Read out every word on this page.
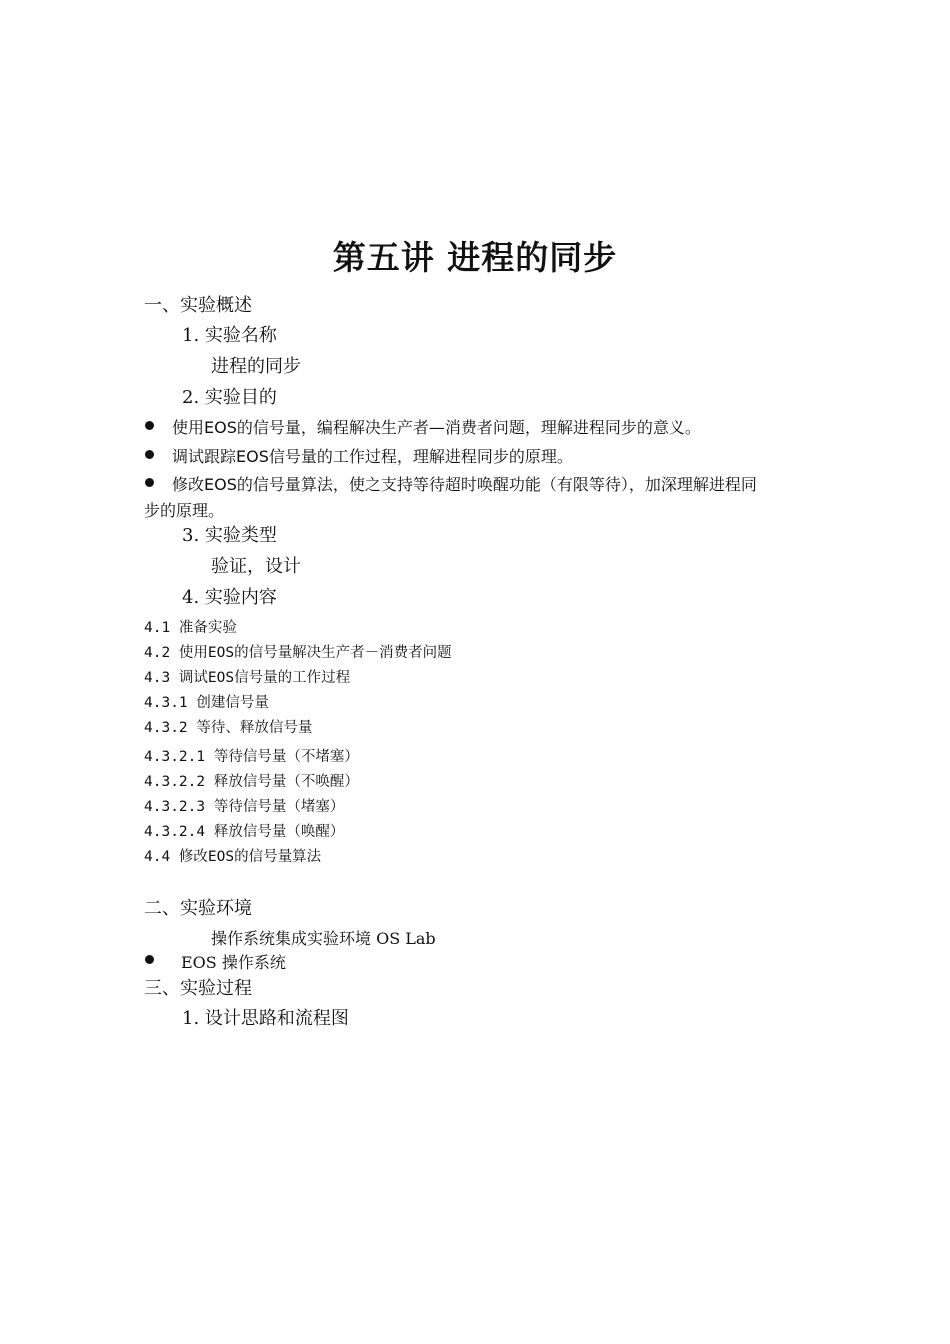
第五讲 进程的同步
一、实验概述
1. 实验名称
进程的同步
2. 实验目的
使用EOS的信号量，编程解决生产者—消费者问题，理解进程同步的意义。
调试跟踪EOS信号量的工作过程，理解进程同步的原理。
修改EOS的信号量算法，使之支持等待超时唤醒功能（有限等待），加深理解进程同
步的原理。
3. 实验类型
验证，设计
4. 实验内容
4.1 准备实验
4.2 使用EOS的信号量解决生产者－消费者问题
4.3 调试EOS信号量的工作过程
4.3.1 创建信号量
4.3.2 等待、释放信号量
4.3.2.1 等待信号量（不堵塞）
4.3.2.2 释放信号量（不唤醒）
4.3.2.3 等待信号量（堵塞）
4.3.2.4 释放信号量（唤醒）
4.4 修改EOS的信号量算法
二、实验环境
操作系统集成实验环境 OS Lab
EOS 操作系统
三、实验过程
1. 设计思路和流程图
